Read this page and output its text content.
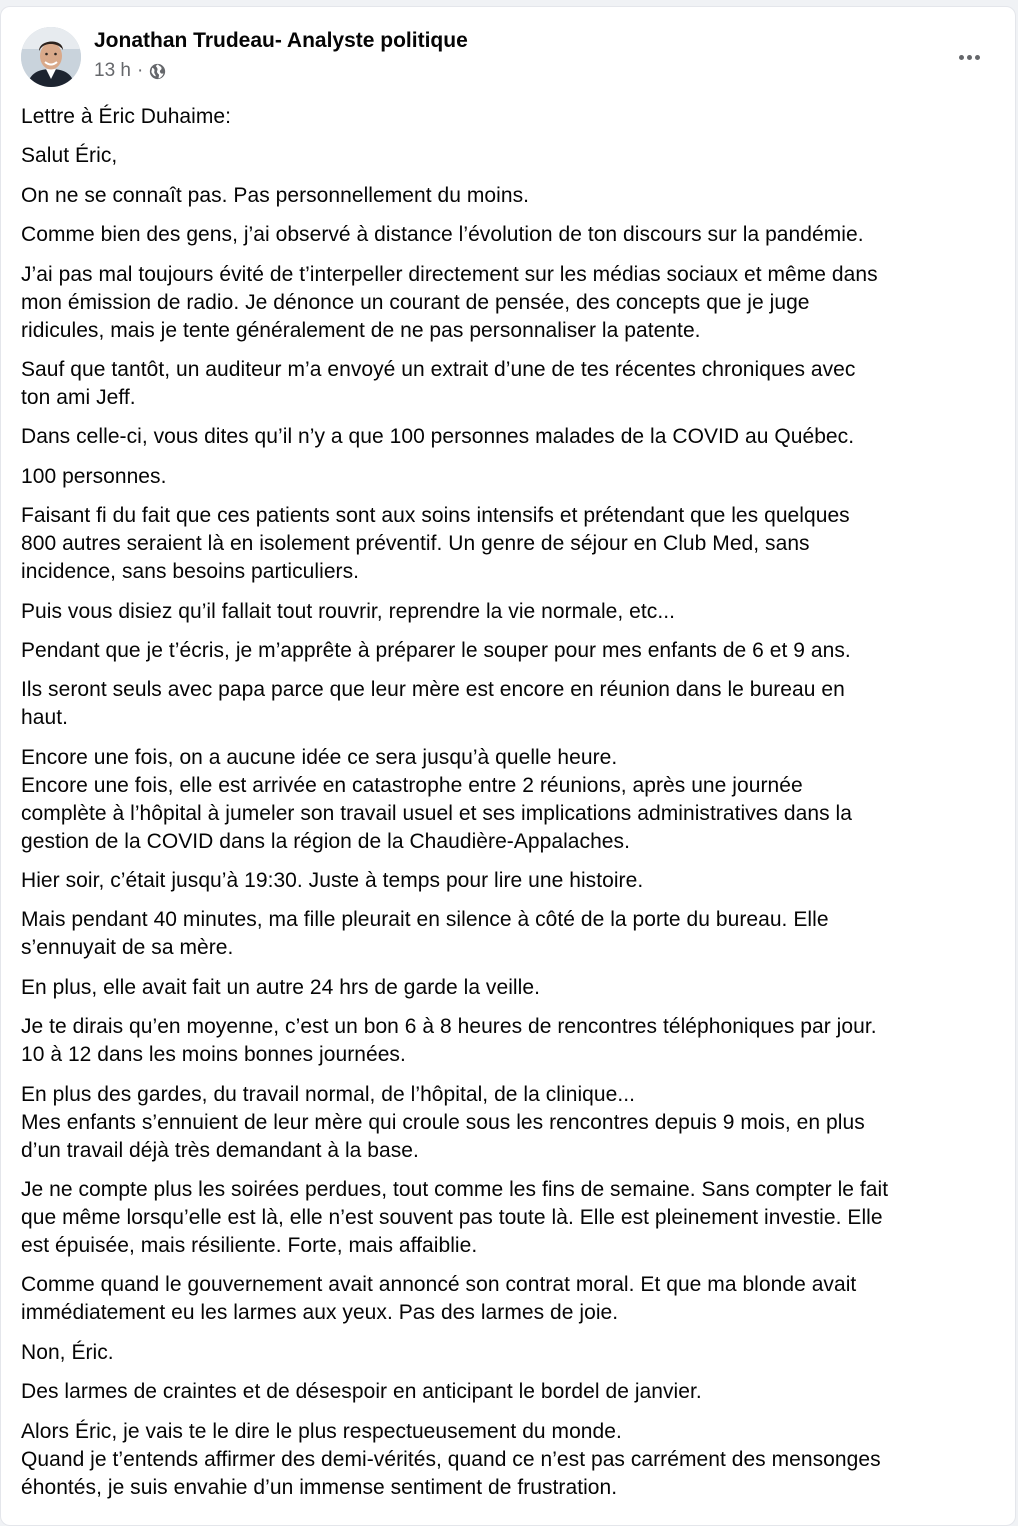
Jonathan Trudeau- Analyste politique
13 h ·

Lettre à Éric Duhaime:

Salut Éric,

On ne se connaît pas. Pas personnellement du moins.

Comme bien des gens, j’ai observé à distance l’évolution de ton discours sur la pandémie.

J’ai pas mal toujours évité de t’interpeller directement sur les médias sociaux et même dans
mon émission de radio. Je dénonce un courant de pensée, des concepts que je juge
ridicules, mais je tente généralement de ne pas personnaliser la patente.

Sauf que tantôt, un auditeur m’a envoyé un extrait d’une de tes récentes chroniques avec
ton ami Jeff.

Dans celle-ci, vous dites qu’il n’y a que 100 personnes malades de la COVID au Québec.

100 personnes.

Faisant fi du fait que ces patients sont aux soins intensifs et prétendant que les quelques
800 autres seraient là en isolement préventif. Un genre de séjour en Club Med, sans
incidence, sans besoins particuliers.

Puis vous disiez qu’il fallait tout rouvrir, reprendre la vie normale, etc...

Pendant que je t’écris, je m’apprête à préparer le souper pour mes enfants de 6 et 9 ans.

Ils seront seuls avec papa parce que leur mère est encore en réunion dans le bureau en
haut.

Encore une fois, on a aucune idée ce sera jusqu’à quelle heure.
Encore une fois, elle est arrivée en catastrophe entre 2 réunions, après une journée
complète à l’hôpital à jumeler son travail usuel et ses implications administratives dans la
gestion de la COVID dans la région de la Chaudière-Appalaches.

Hier soir, c’était jusqu’à 19:30. Juste à temps pour lire une histoire.

Mais pendant 40 minutes, ma fille pleurait en silence à côté de la porte du bureau. Elle
s’ennuyait de sa mère.

En plus, elle avait fait un autre 24 hrs de garde la veille.

Je te dirais qu’en moyenne, c’est un bon 6 à 8 heures de rencontres téléphoniques par jour.
10 à 12 dans les moins bonnes journées.

En plus des gardes, du travail normal, de l’hôpital, de la clinique...
Mes enfants s’ennuient de leur mère qui croule sous les rencontres depuis 9 mois, en plus
d’un travail déjà très demandant à la base.

Je ne compte plus les soirées perdues, tout comme les fins de semaine. Sans compter le fait
que même lorsqu’elle est là, elle n’est souvent pas toute là. Elle est pleinement investie. Elle
est épuisée, mais résiliente. Forte, mais affaiblie.

Comme quand le gouvernement avait annoncé son contrat moral. Et que ma blonde avait
immédiatement eu les larmes aux yeux. Pas des larmes de joie.

Non, Éric.

Des larmes de craintes et de désespoir en anticipant le bordel de janvier.

Alors Éric, je vais te le dire le plus respectueusement du monde.
Quand je t’entends affirmer des demi-vérités, quand ce n’est pas carrément des mensonges
éhontés, je suis envahie d’un immense sentiment de frustration.
